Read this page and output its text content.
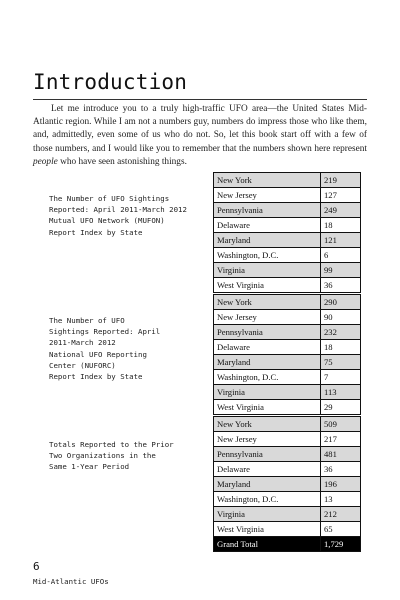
Introduction

Let me introduce you to a truly high-traffic UFO area—the United States Mid-Atlantic region. While I am not a numbers guy, numbers do impress those who like them, and, admittedly, even some of us who do not. So, let this book start off with a few of those numbers, and I would like you to remember that the numbers shown here represent people who have seen astonishing things.

The Number of UFO Sightings
Reported: April 2011-March 2012
Mutual UFO Network (MUFON)
Report Index by State
New York	219
New Jersey	127
Pennsylvania	249
Delaware	18
Maryland	121
Washington, D.C.	6
Virginia	99
West Virginia	36
The Number of UFO
Sightings Reported: April
2011-March 2012
National UFO Reporting
Center (NUFORC)
Report Index by State
New York	290
New Jersey	90
Pennsylvania	232
Delaware	18
Maryland	75
Washington, D.C.	7
Virginia	113
West Virginia	29
Totals Reported to the Prior
Two Organizations in the
Same 1-Year Period
New York	509
New Jersey	217
Pennsylvania	481
Delaware	36
Maryland	196
Washington, D.C.	13
Virginia	212
West Virginia	65
Grand Total	1,729
6
Mid-Atlantic UFOs
